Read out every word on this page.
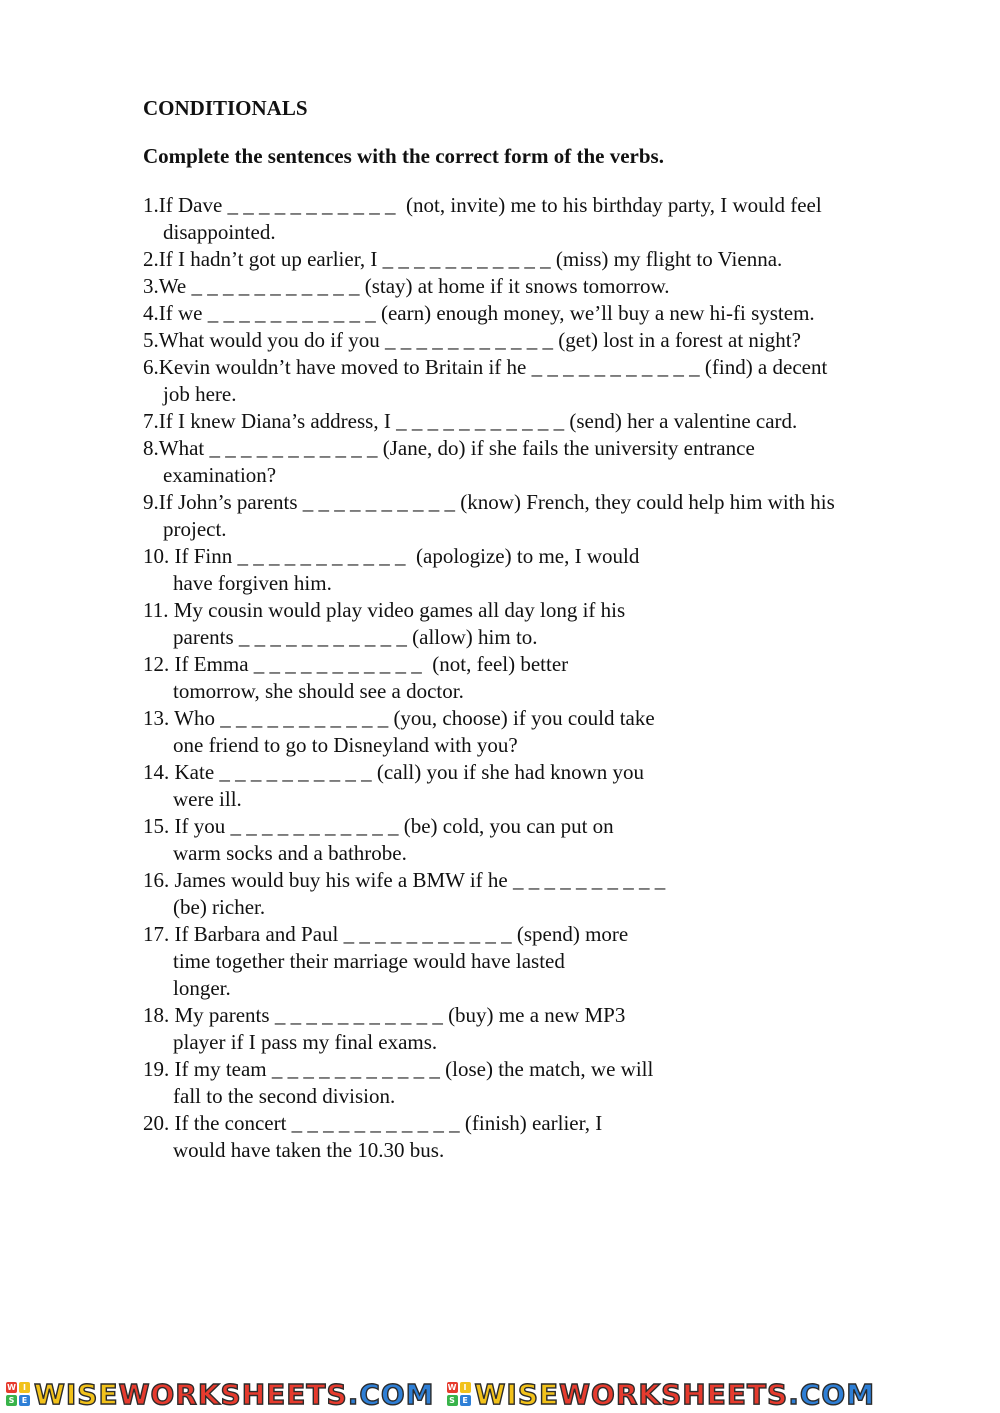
CONDITIONALS
Complete the sentences with the correct form of the verbs.
1.If Dave _ _ _ _ _ _ _ _ _ _ _  (not, invite) me to his birthday party, I would feel
disappointed.
2.If I hadn’t got up earlier, I _ _ _ _ _ _ _ _ _ _ _ (miss) my flight to Vienna.
3.We _ _ _ _ _ _ _ _ _ _ _ (stay) at home if it snows tomorrow.
4.If we _ _ _ _ _ _ _ _ _ _ _ (earn) enough money, we’ll buy a new hi-fi system.
5.What would you do if you _ _ _ _ _ _ _ _ _ _ _ (get) lost in a forest at night?
6.Kevin wouldn’t have moved to Britain if he _ _ _ _ _ _ _ _ _ _ _ (find) a decent
job here.
7.If I knew Diana’s address, I _ _ _ _ _ _ _ _ _ _ _ (send) her a valentine card.
8.What _ _ _ _ _ _ _ _ _ _ _ (Jane, do) if she fails the university entrance
examination?
9.If John’s parents _ _ _ _ _ _ _ _ _ _ (know) French, they could help him with his
project.
10. If Finn _ _ _ _ _ _ _ _ _ _ _  (apologize) to me, I would
have forgiven him.
11. My cousin would play video games all day long if his
parents _ _ _ _ _ _ _ _ _ _ _ (allow) him to.
12. If Emma _ _ _ _ _ _ _ _ _ _ _  (not, feel) better
tomorrow, she should see a doctor.
13. Who _ _ _ _ _ _ _ _ _ _ _ (you, choose) if you could take
one friend to go to Disneyland with you?
14. Kate _ _ _ _ _ _ _ _ _ _ (call) you if she had known you
were ill.
15. If you _ _ _ _ _ _ _ _ _ _ _ (be) cold, you can put on
warm socks and a bathrobe.
16. James would buy his wife a BMW if he _ _ _ _ _ _ _ _ _ _
(be) richer.
17. If Barbara and Paul _ _ _ _ _ _ _ _ _ _ _ (spend) more
time together their marriage would have lasted
longer.
18. My parents _ _ _ _ _ _ _ _ _ _ _ (buy) me a new MP3
player if I pass my final exams.
19. If my team _ _ _ _ _ _ _ _ _ _ _ (lose) the match, we will
fall to the second division.
20. If the concert _ _ _ _ _ _ _ _ _ _ _ (finish) earlier, I
would have taken the 10.30 bus.
W I
S E WISEWORKSHEETS.COM W I
S E WISEWORKSHEETS.COM
